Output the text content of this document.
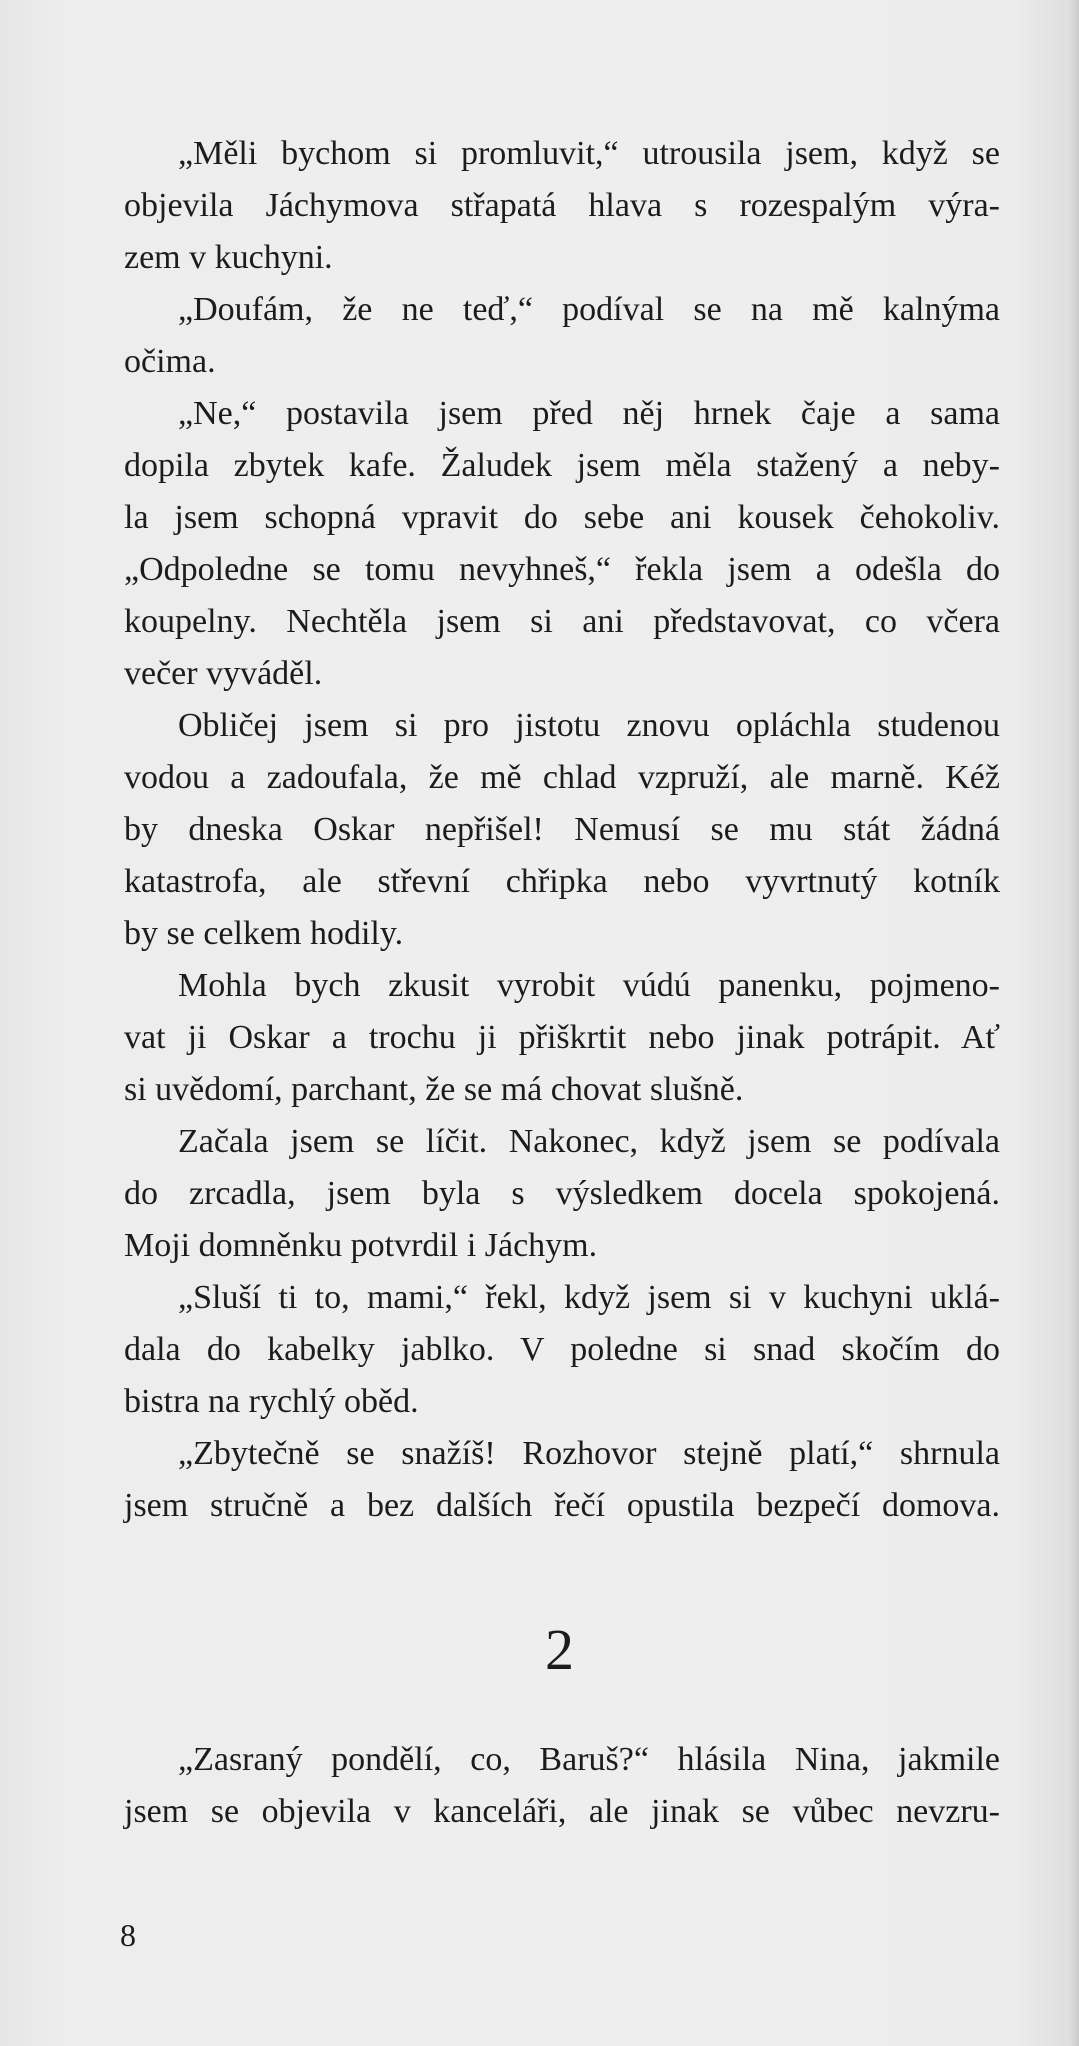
„Měli bychom si promluvit,“ utrousila jsem, když se
objevila Jáchymova střapatá hlava s rozespalým výra-
zem v kuchyni.
„Doufám, že ne teď,“ podíval se na mě kalnýma
očima.
„Ne,“ postavila jsem před něj hrnek čaje a sama
dopila zbytek kafe. Žaludek jsem měla stažený a neby-
la jsem schopná vpravit do sebe ani kousek čehokoliv.
„Odpoledne se tomu nevyhneš,“ řekla jsem a odešla do
koupelny. Nechtěla jsem si ani představovat, co včera
večer vyváděl.
Obličej jsem si pro jistotu znovu opláchla studenou
vodou a zadoufala, že mě chlad vzpruží, ale marně. Kéž
by dneska Oskar nepřišel! Nemusí se mu stát žádná
katastrofa, ale střevní chřipka nebo vyvrtnutý kotník
by se celkem hodily.
Mohla bych zkusit vyrobit vúdú panenku, pojmeno-
vat ji Oskar a trochu ji přiškrtit nebo jinak potrápit. Ať
si uvědomí, parchant, že se má chovat slušně.
Začala jsem se líčit. Nakonec, když jsem se podívala
do zrcadla, jsem byla s výsledkem docela spokojená.
Moji domněnku potvrdil i Jáchym.
„Sluší ti to, mami,“ řekl, když jsem si v kuchyni uklá-
dala do kabelky jablko. V poledne si snad skočím do
bistra na rychlý oběd.
„Zbytečně se snažíš! Rozhovor stejně platí,“ shrnula
jsem stručně a bez dalších řečí opustila bezpečí domova.
2
„Zasraný pondělí, co, Baruš?“ hlásila Nina, jakmile
jsem se objevila v kanceláři, ale jinak se vůbec nevzru-
8
